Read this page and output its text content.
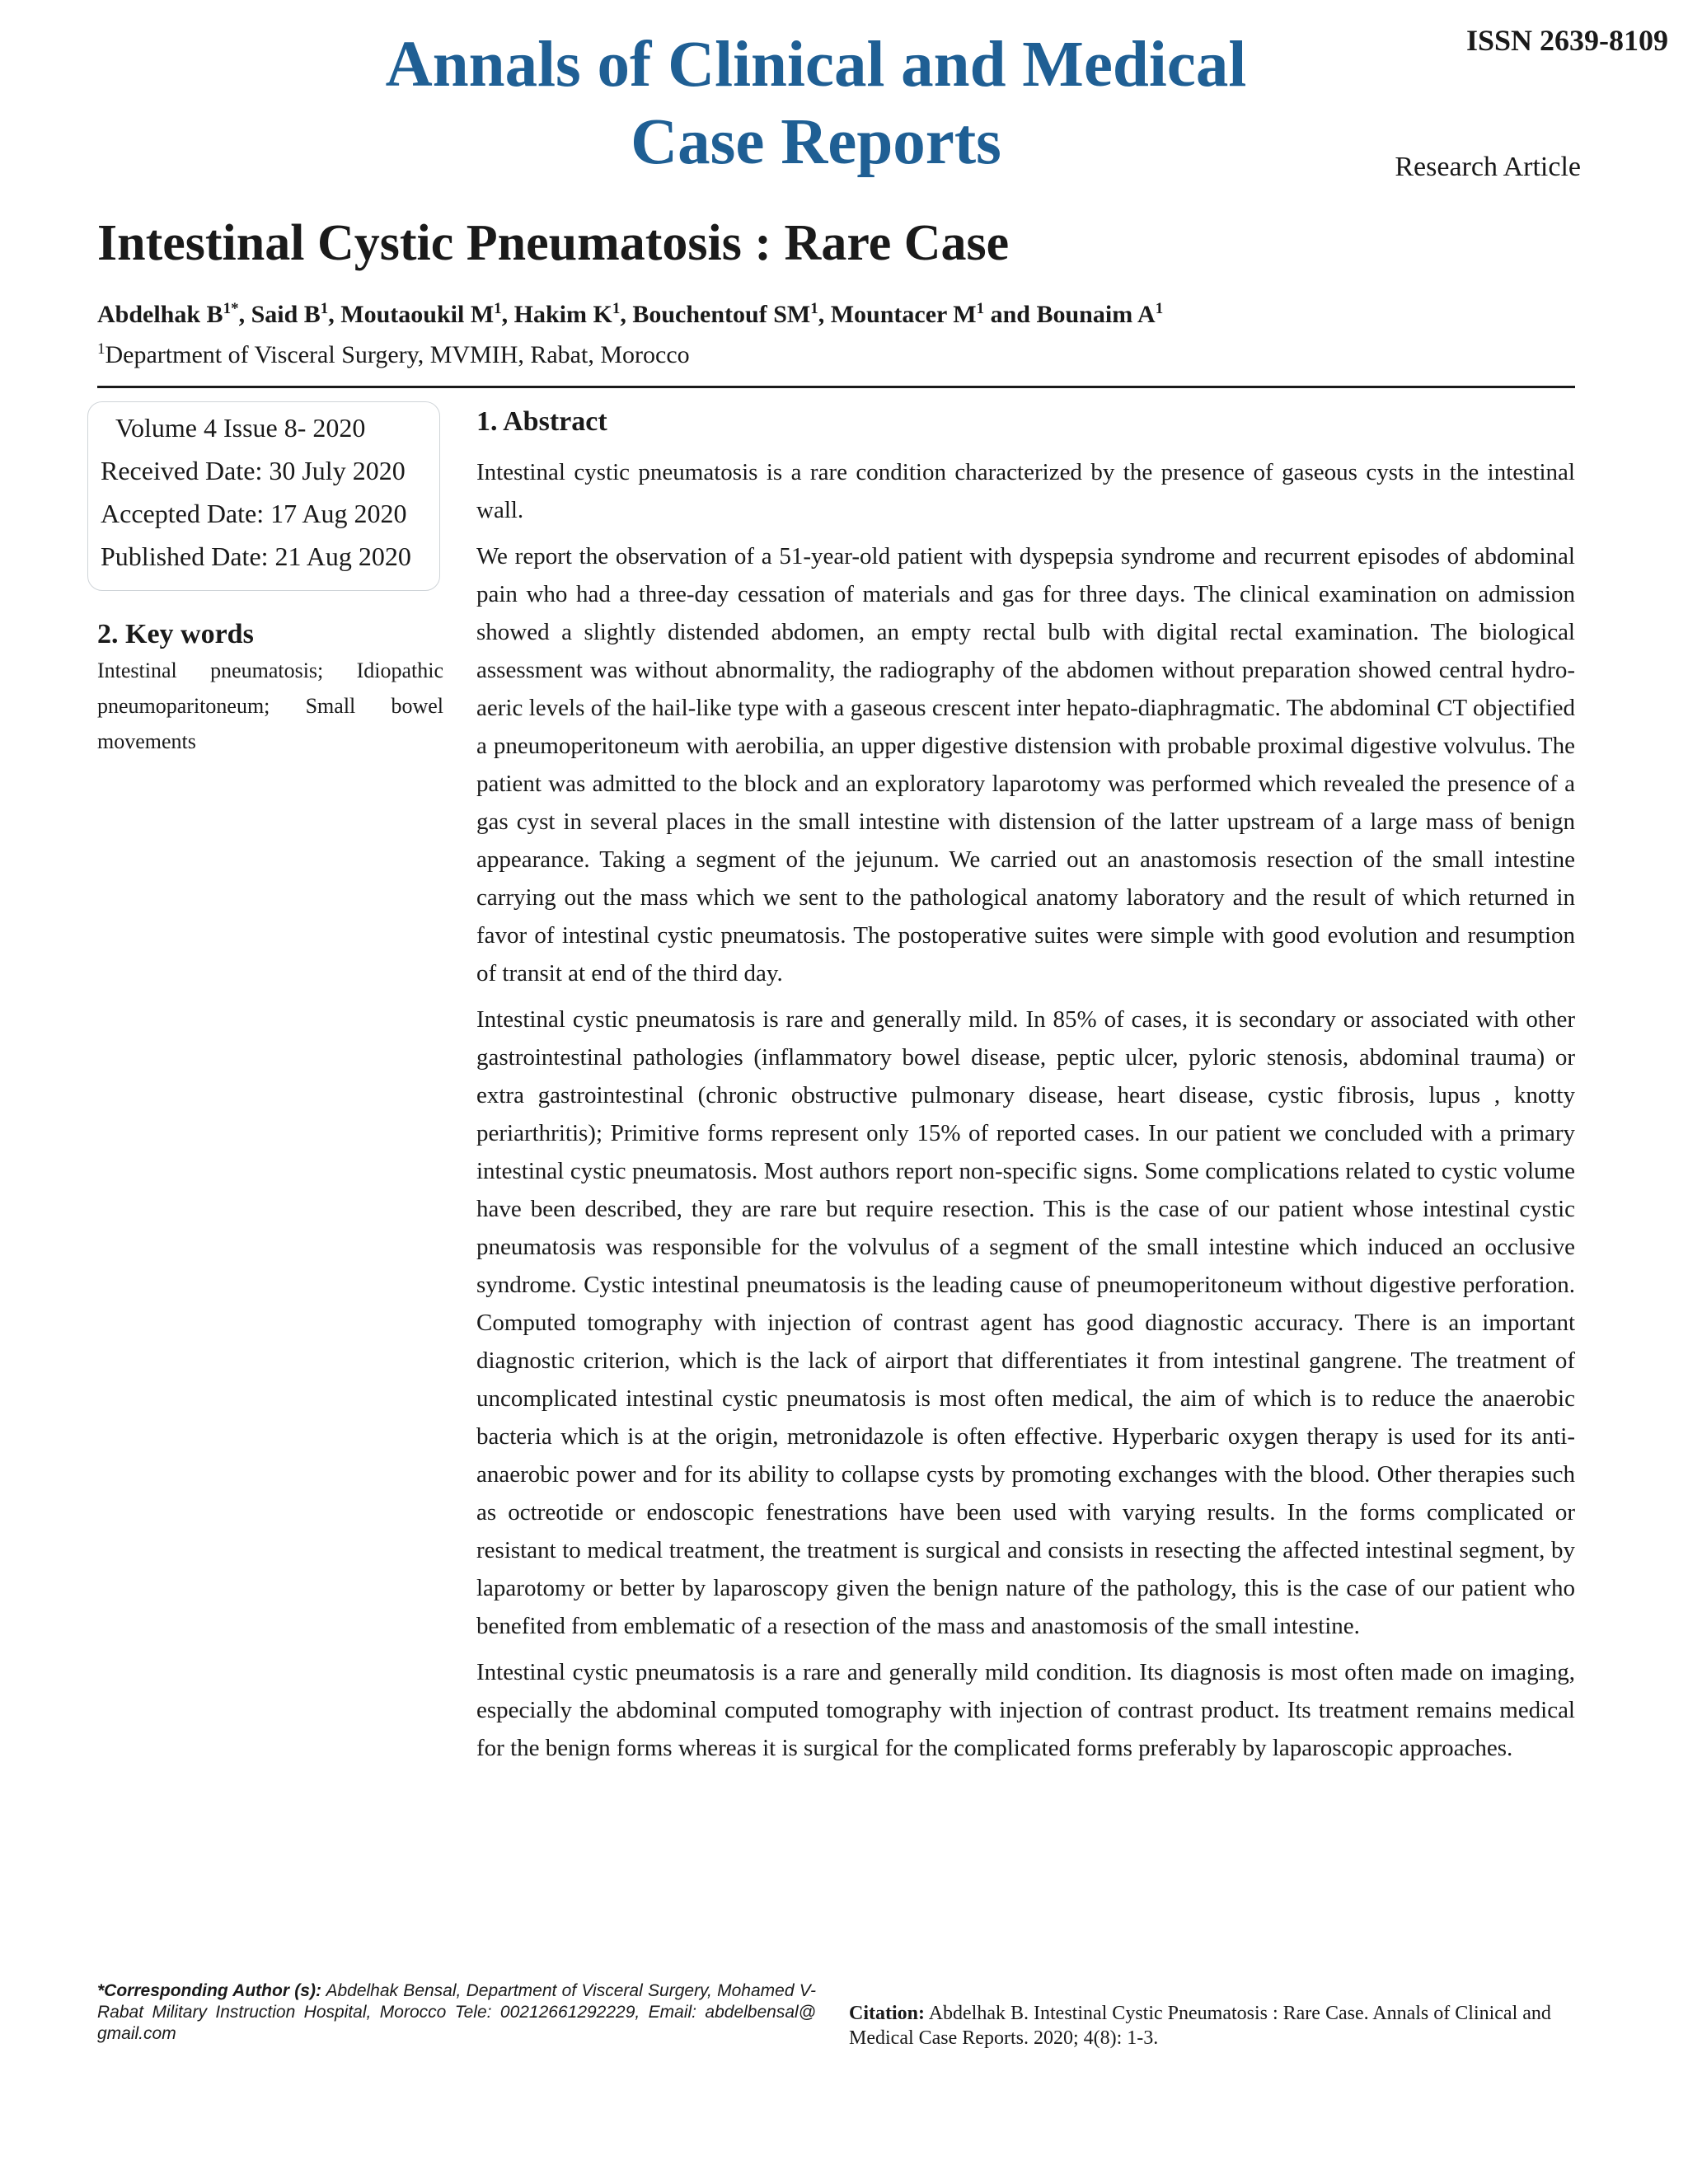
ISSN 2639-8109
Annals of Clinical and Medical
Case Reports	Research Article
Intestinal Cystic Pneumatosis : Rare Case
Abdelhak $B^{1*}$, Said $B^1$, Moutaoukil $M^1$, Hakim $K^1$, Bouchentouf $SM^1$, Mountacer $M^1$ and Bounaim $A^1$
$^1$Department of Visceral Surgery, MVMIH, Rabat, Morocco
Volume 4 Issue 8- 2020
Received Date: 30 July 2020
Accepted Date: 17 Aug 2020
Published Date: 21 Aug 2020
2. Key words
Intestinal pneumatosis; Idiopathic pneumoparitoneum; Small bowel movements
1. Abstract

Intestinal cystic pneumatosis is a rare condition characterized by the presence of gaseous cysts in the intestinal wall.

We report the observation of a 51-year-old patient with dyspepsia syndrome and recurrent episodes of abdominal pain who had a three-day cessation of materials and gas for three days. The clinical examination on admission showed a slightly distended abdomen, an empty rectal bulb with digital rectal examination. The biological assessment was without abnormality, the radiography of the abdomen without preparation showed central hydro-aeric levels of the hail-like type with a gaseous crescent inter hepato-diaphragmatic. The abdominal CT objectified a pneumoperitoneum with aerobilia, an upper digestive distension with probable proximal digestive volvulus. The patient was admitted to the block and an exploratory laparotomy was performed which revealed the presence of a gas cyst in several places in the small intestine with distension of the latter upstream of a large mass of benign appearance. Taking a segment of the jejunum. We carried out an anastomosis resection of the small intestine carrying out the mass which we sent to the pathological anatomy laboratory and the result of which returned in favor of intestinal cystic pneumatosis. The postoperative suites were simple with good evolution and resumption of transit at end of the third day.

Intestinal cystic pneumatosis is rare and generally mild. In 85% of cases, it is secondary or associated with other gastrointestinal pathologies (inflammatory bowel disease, peptic ulcer, pyloric stenosis, abdominal trauma) or extra gastrointestinal (chronic obstructive pulmonary disease, heart disease, cystic fibrosis, lupus , knotty periarthritis); Primitive forms represent only 15% of reported cases. In our patient we concluded with a primary intestinal cystic pneumatosis. Most authors report non-specific signs. Some complications related to cystic volume have been described, they are rare but require resection. This is the case of our patient whose intestinal cystic pneumatosis was responsible for the volvulus of a segment of the small intestine which induced an occlusive syndrome. Cystic intestinal pneumatosis is the leading cause of pneumoperitoneum without digestive perforation. Computed tomography with injection of contrast agent has good diagnostic accuracy. There is an important diagnostic criterion, which is the lack of airport that differentiates it from intestinal gangrene. The treatment of uncomplicated intestinal cystic pneumatosis is most often medical, the aim of which is to reduce the anaerobic bacteria which is at the origin, metronidazole is often effective. Hyperbaric oxygen therapy is used for its anti-anaerobic power and for its ability to collapse cysts by promoting exchanges with the blood. Other therapies such as octreotide or endoscopic fenestrations have been used with varying results. In the forms complicated or resistant to medical treatment, the treatment is surgical and consists in resecting the affected intestinal segment, by laparotomy or better by laparoscopy given the benign nature of the pathology, this is the case of our patient who benefited from emblematic of a resection of the mass and anastomosis of the small intestine.

Intestinal cystic pneumatosis is a rare and generally mild condition. Its diagnosis is most often made on imaging, especially the abdominal computed tomography with injection of contrast product. Its treatment remains medical for the benign forms whereas it is surgical for the complicated forms preferably by laparoscopic approaches.

*Corresponding Author (s): Abdelhak Bensal, Department of Visceral Surgery, Mohamed V-Rabat Military Instruction Hospital, Morocco Tele: 00212661292229, Email: abdelbensal@ gmail.com
Citation: Abdelhak B. Intestinal Cystic Pneumatosis : Rare Case. Annals of Clinical and Medical Case Reports. 2020; 4(8): 1-3.
